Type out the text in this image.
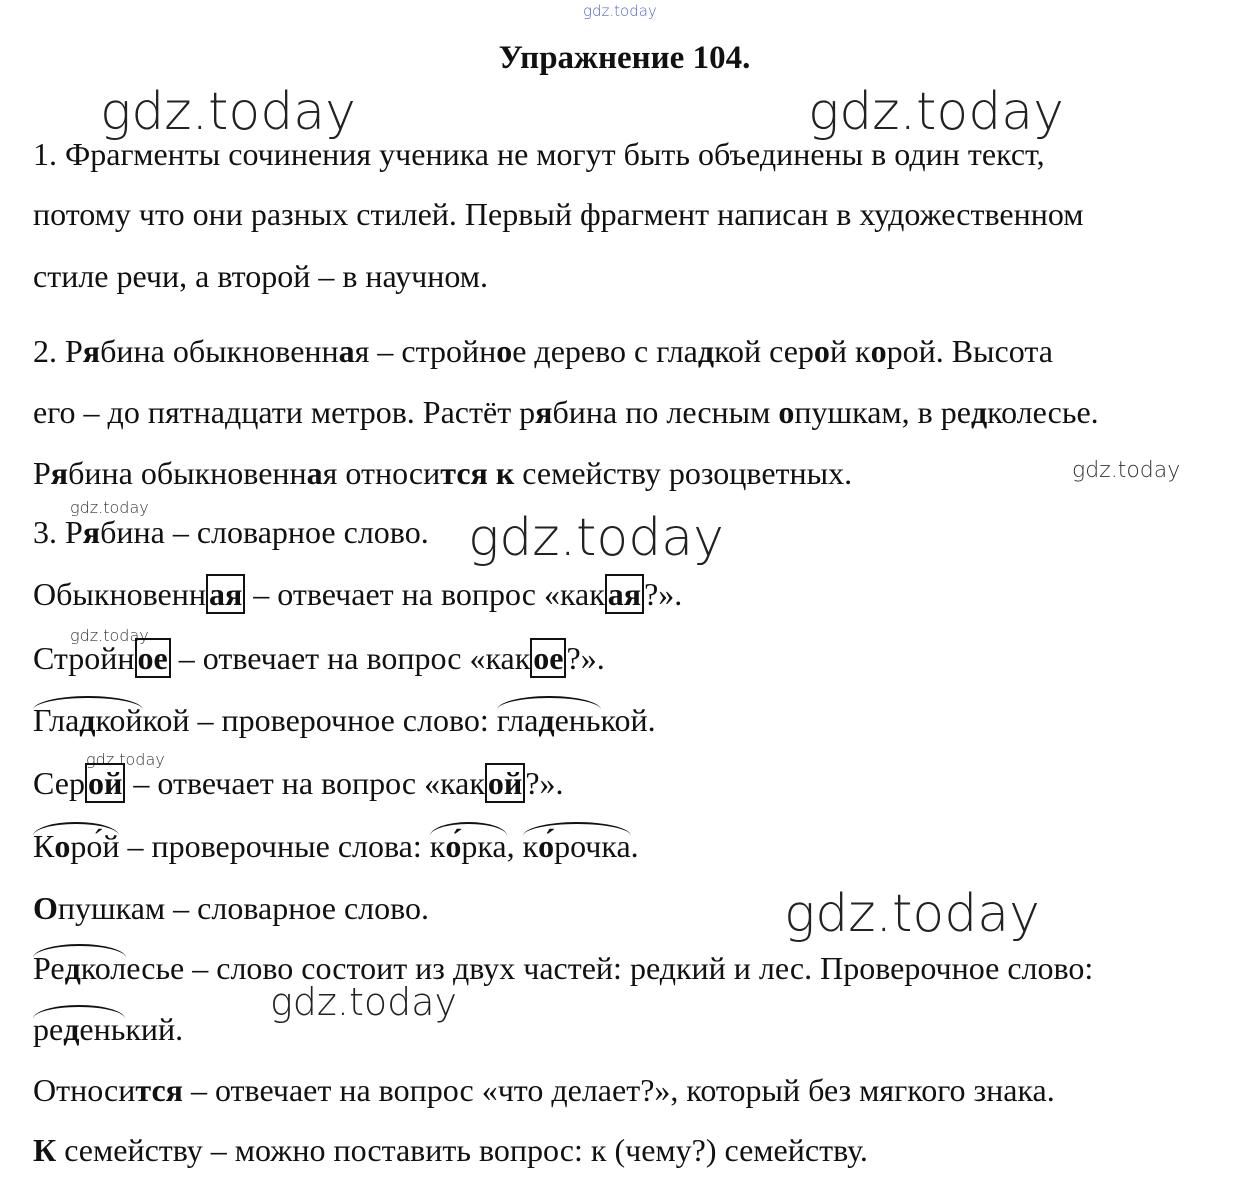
gdz.today
Упражнение 104.
gdz.today	gdz.today
1. Фрагменты сочинения ученика не могут быть объединены в один текст,
потому что они разных стилей. Первый фрагмент написан в художественном
стиле речи, а второй – в научном.
2. Рябина обыкновенная – стройное дерево с гладкой серой корой. Высота
его – до пятнадцати метров. Растёт рябина по лесным опушкам, в редколесье.
Рябина обыкновенная относится к семейству розоцветных.	gdz.today
gdz.today
3. Рябина – словарное слово. gdz.today
Обыкновенная – отвечает на вопрос «какая?».
gdz.today
Стройное – отвечает на вопрос «какое?».
Гладкойкой – проверочное слово: гладенькой.
gdz.today
Серой – отвечает на вопрос «какой?».
Коро́й – проверочные слова: ко́рка, ко́рочка.
Опушкам – словарное слово.	gdz.today
Редколесье – слово состоит из двух частей: редкий и лес. Проверочное слово:
gdz.today
реденький.
Относится – отвечает на вопрос «что делает?», который без мягкого знака.
К семейству – можно поставить вопрос: к (чему?) семейству.
